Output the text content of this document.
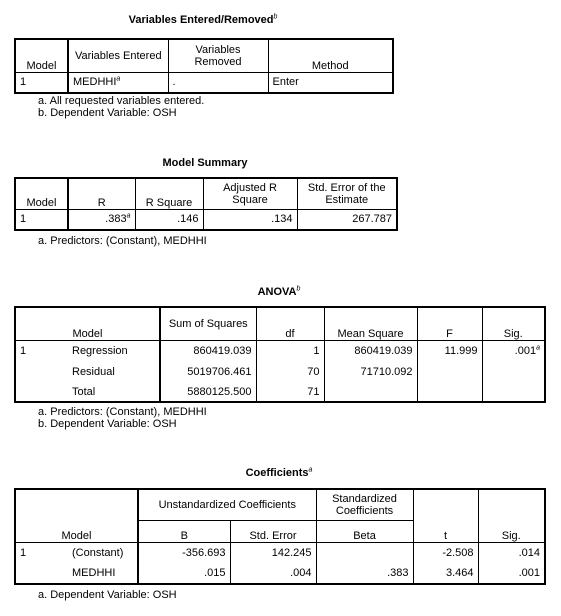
Variables Entered/Removed$^b$
Model	Variables Entered	Variables Removed	Method
1	MEDHHI$^a$	.	Enter
a. All requested variables entered.
b. Dependent Variable: OSH
Model Summary
Model	R	R Square	Adjusted R Square	Std. Error of the Estimate
1	.383$^a$	.146	.134	267.787
a. Predictors: (Constant), MEDHHI
ANOVA$^b$
Model		Sum of Squares	df	Mean Square	F	Sig.
1	Regression	860419.039	1	860419.039	11.999	.001$^a$
	Residual	5019706.461	70	71710.092		
	Total	5880125.500	71			
a. Predictors: (Constant), MEDHHI
b. Dependent Variable: OSH
Coefficients$^a$
		Unstandardized Coefficients		Standardized Coefficients		
Model		B	Std. Error	Beta	t	Sig.
1	(Constant)	-356.693	142.245		-2.508	.014
	MEDHHI	.015	.004	.383	3.464	.001
a. Dependent Variable: OSH
